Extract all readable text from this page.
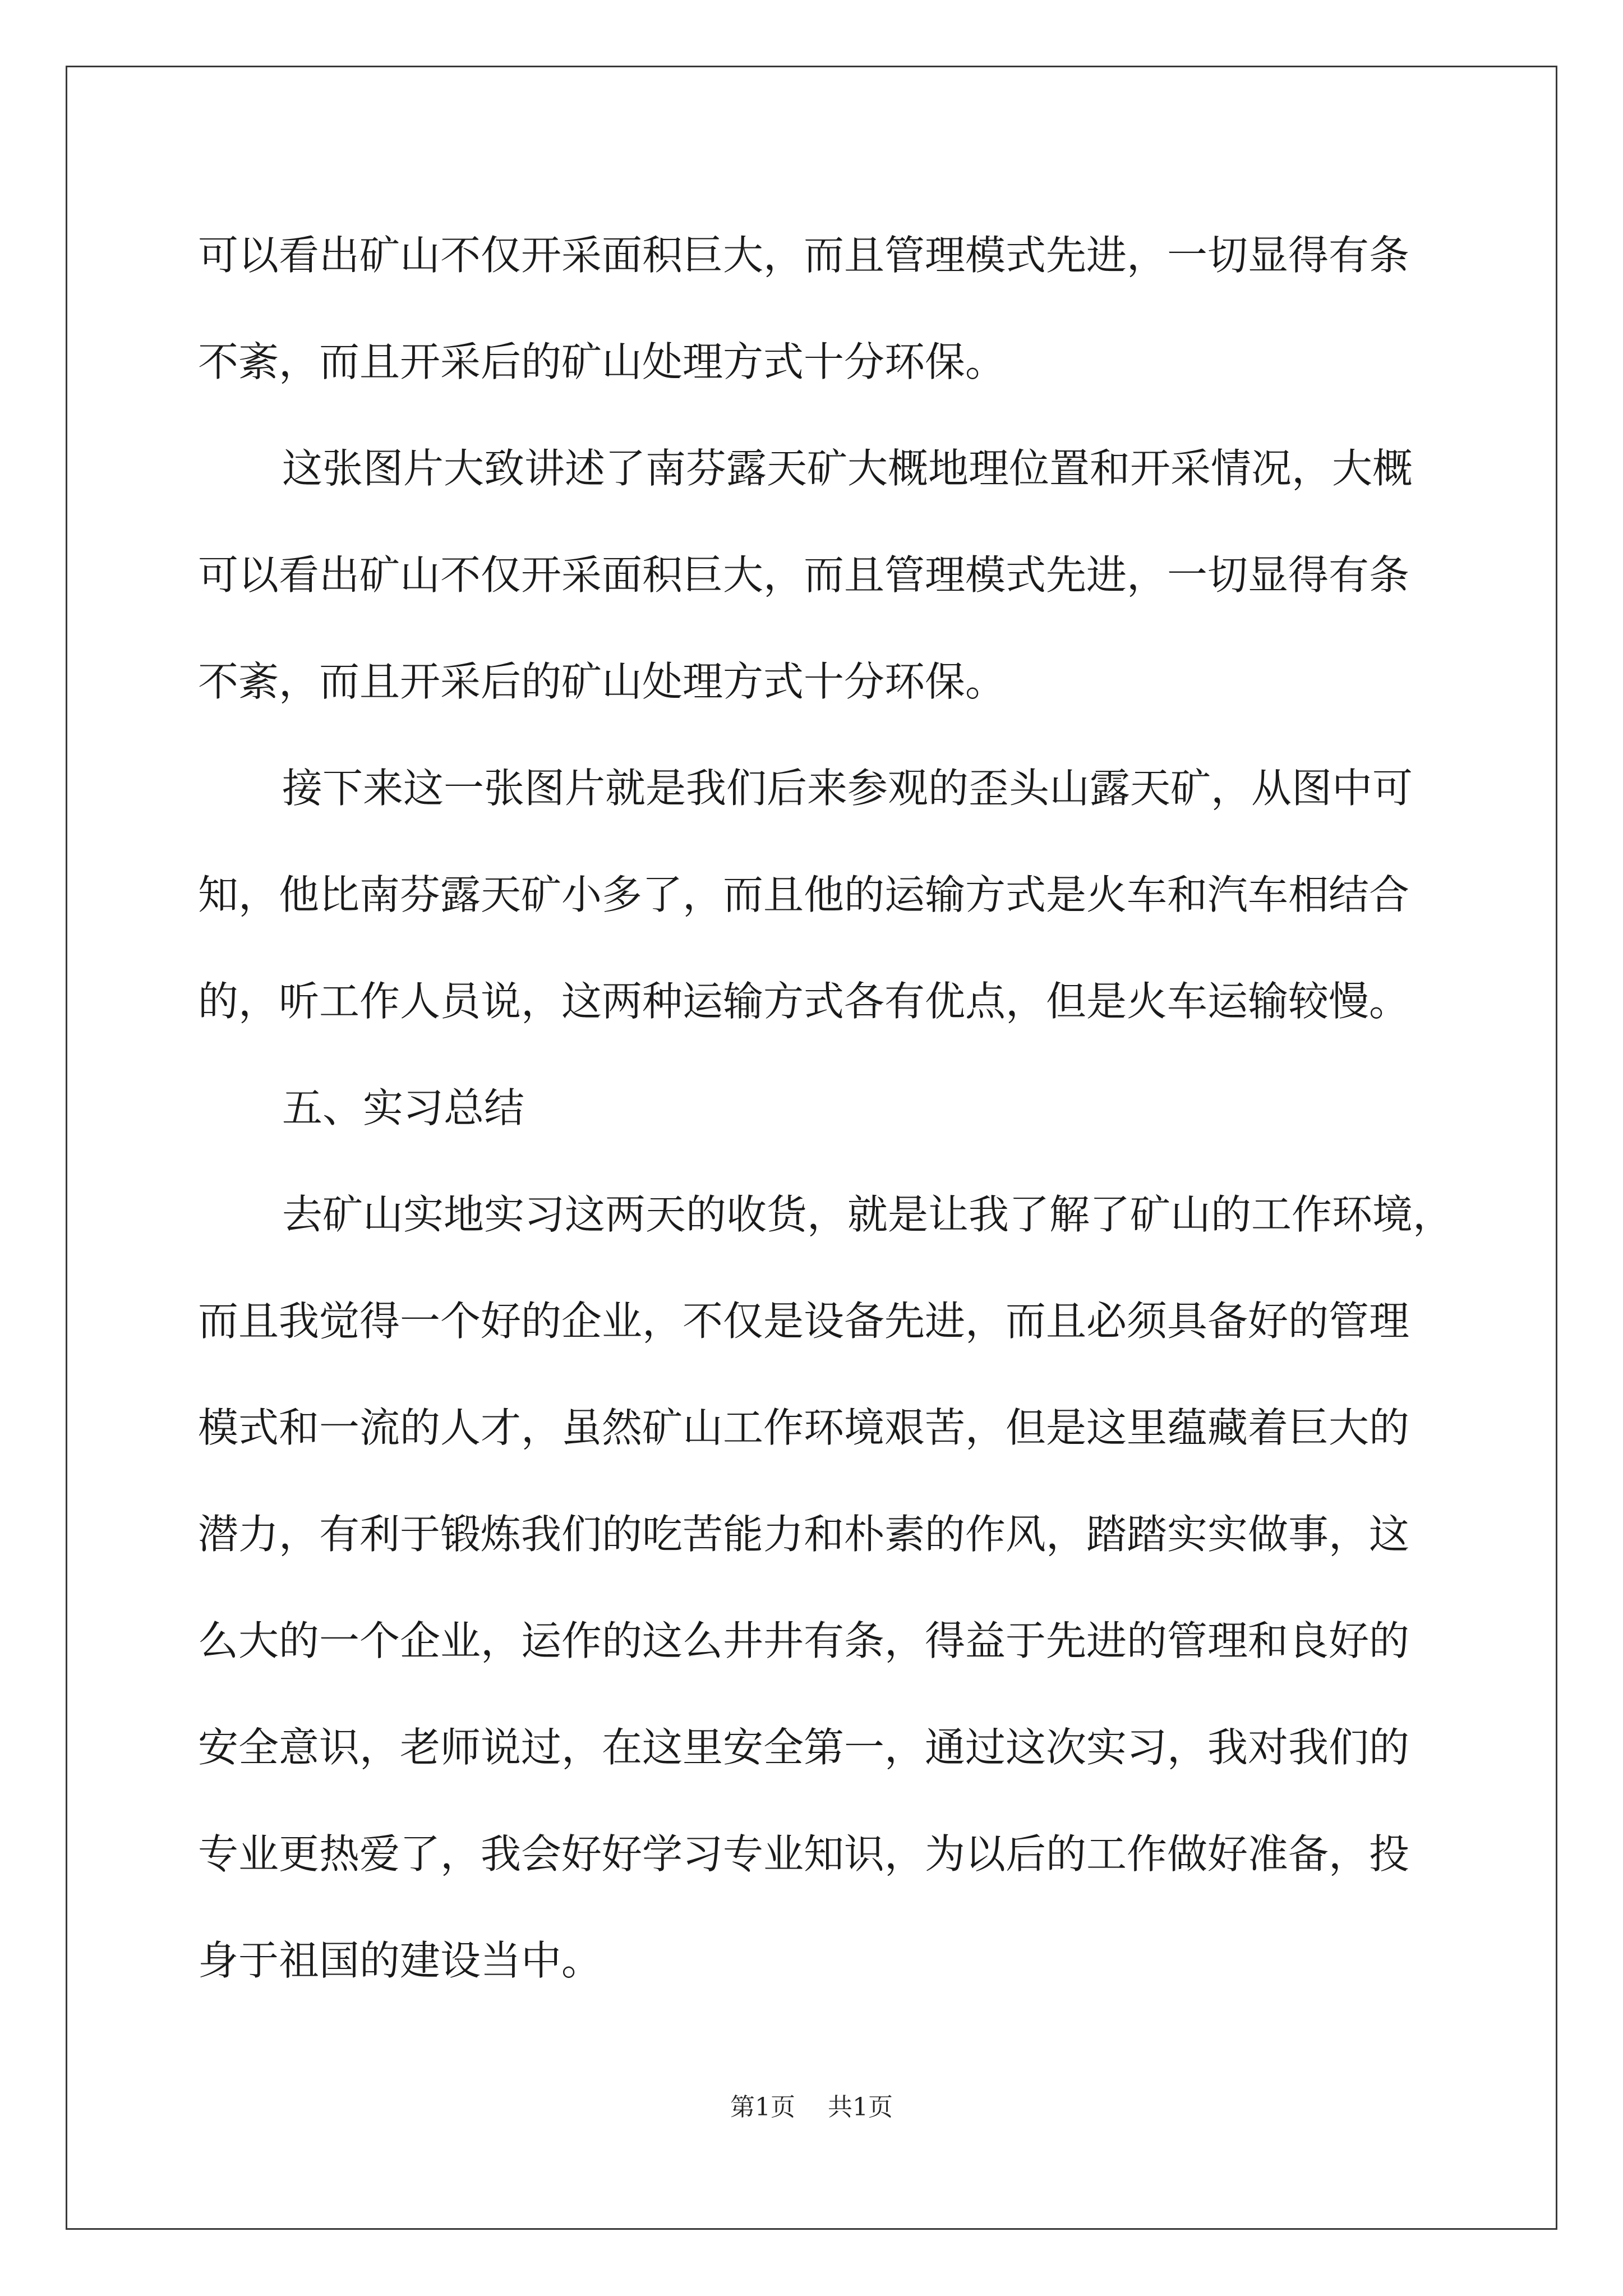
可以看出矿山不仅开采面积巨大，而且管理模式先进，一切显得有条
不紊，而且开采后的矿山处理方式十分环保。
这张图片大致讲述了南芬露天矿大概地理位置和开采情况，大概
可以看出矿山不仅开采面积巨大，而且管理模式先进，一切显得有条
不紊，而且开采后的矿山处理方式十分环保。
接下来这一张图片就是我们后来参观的歪头山露天矿，从图中可
知，他比南芬露天矿小多了，而且他的运输方式是火车和汽车相结合
的，听工作人员说，这两种运输方式各有优点，但是火车运输较慢。
五、实习总结
去矿山实地实习这两天的收货，就是让我了解了矿山的工作环境，
而且我觉得一个好的企业，不仅是设备先进，而且必须具备好的管理
模式和一流的人才，虽然矿山工作环境艰苦，但是这里蕴藏着巨大的
潜力，有利于锻炼我们的吃苦能力和朴素的作风，踏踏实实做事，这
么大的一个企业，运作的这么井井有条，得益于先进的管理和良好的
安全意识，老师说过，在这里安全第一，通过这次实习，我对我们的
专业更热爱了，我会好好学习专业知识，为以后的工作做好准备，投
身于祖国的建设当中。
第1页 共1页
